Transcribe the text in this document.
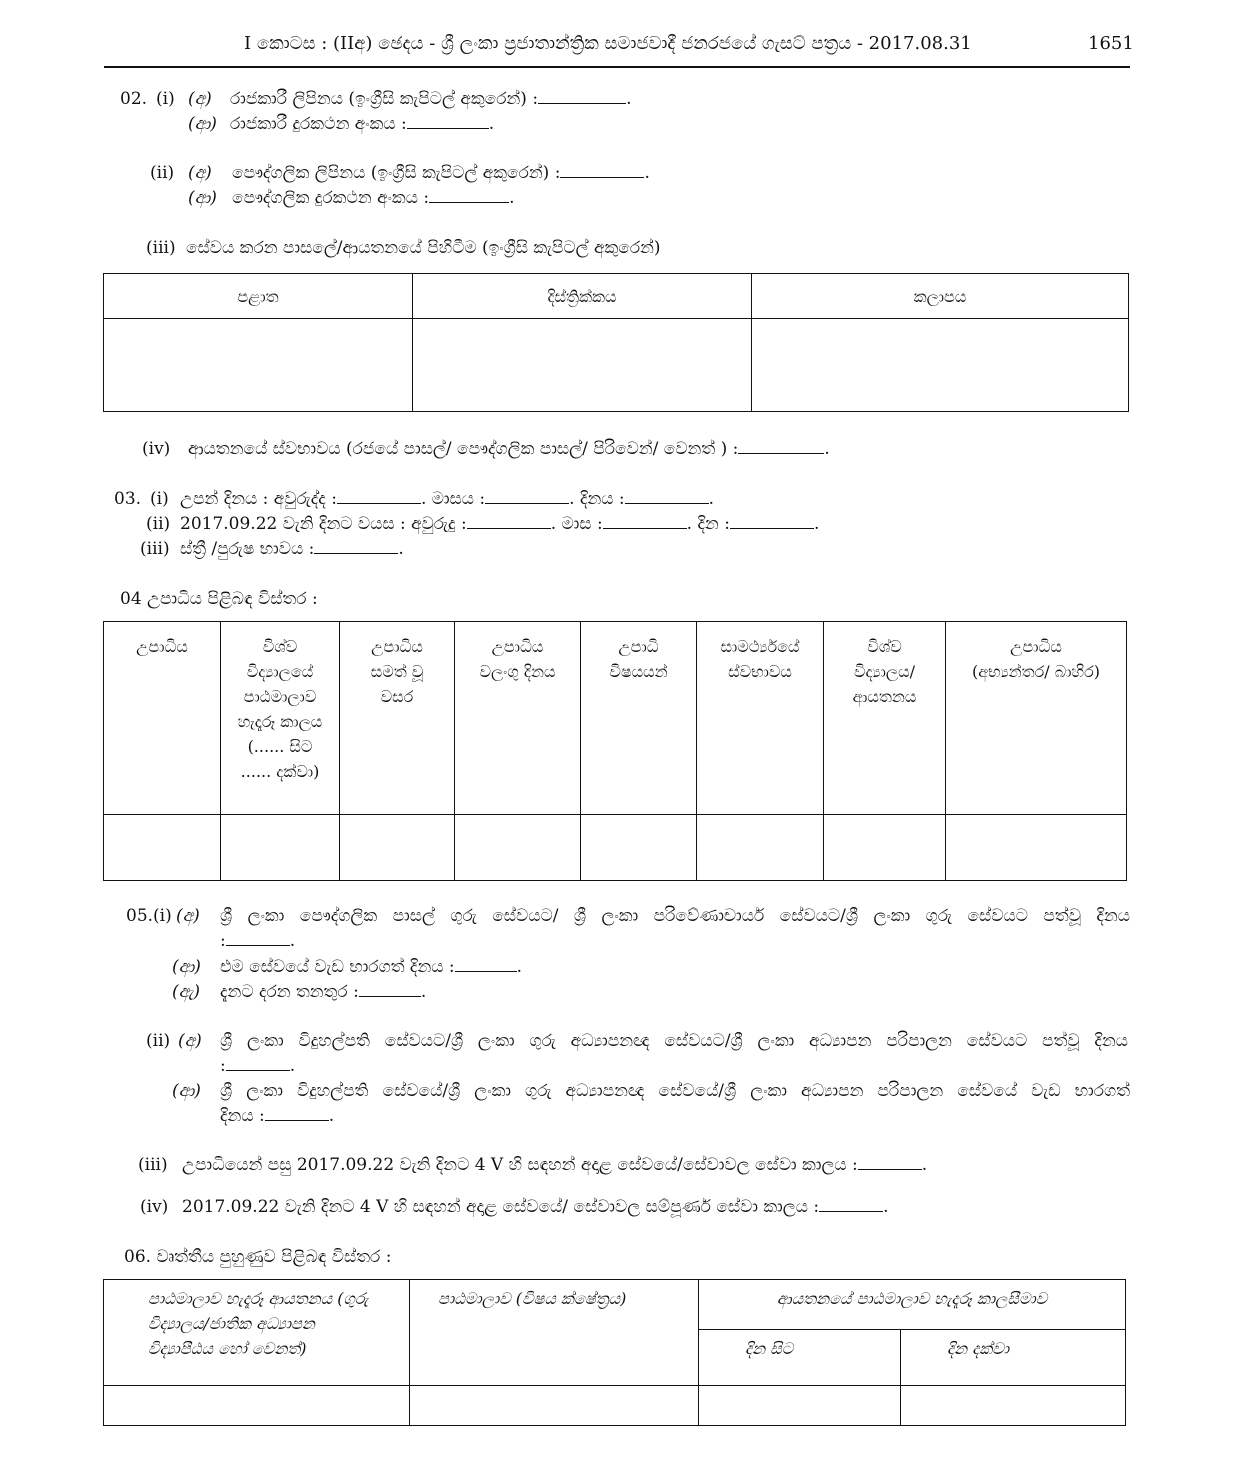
I කොටස : (IIඅ) ඡෙදය - ශ්‍රී ලංකා ප්‍රජාතාන්ත්‍රික සමාජවාදී ජනරජයේ ගැසට් පත්‍රය - 2017.08.31	1651
02. (i) (අ) රාජකාරී ලිපිනය (ඉංග්‍රීසි කැපිටල් අකුරෙන්) :	.
(ආ) රාජකාරී දුරකථන අංකය :	.
(ii) (අ) පෞද්ගලික ලිපිනය (ඉංග්‍රීසි කැපිටල් අකුරෙන්) :	.
(ආ) පෞද්ගලික දුරකථන අංකය :	.
(iii) සේවය කරන පාසලේ/ආයතනයේ පිහිටීම (ඉංග්‍රීසි කැපිටල් අකුරෙන්)
පළාත	දිස්ත්‍රික්කය	කලාපය

(iv) ආයතනයේ ස්වභාවය (රජයේ පාසල්/ පෞද්ගලික පාසල්/ පිරිවෙන්/ වෙනත් ) :	.
03. (i) උපන් දිනය : අවුරුද්ද :	. මාසය :	. දිනය :	.
(ii) 2017.09.22 වැනි දිනට වයස : අවුරුදු :	. මාස :	. දින :	.
(iii) ස්ත්‍රී /පුරුෂ භාවය :	.
04 උපාධිය පිළිබඳ විස්තර :
උපාධිය	විශ්ව විද්‍යාලයේ පාඨමාලාව හැදෑරූ කාලය (...... සිට ...... දක්වා)	උපාධිය සමත් වූ වසර	උපාධිය වලංගු දිනය	උපාධි විෂයයන්	සාමර්ථ්‍යයේ ස්වභාවය	විශ්ව විද්‍යාලය/ ආයතනය	උපාධිය (අභ්‍යන්තර/ බාහිර)

05.(i) (අ) ශ්‍රී ලංකා පෞද්ගලික පාසල් ගුරු සේවයට/ ශ්‍රී ලංකා පරිවේණාචාර්ය සේවයට/ශ්‍රී ලංකා ගුරු සේවයට පත්වූ දිනය
:	.
(ආ) එම සේවයේ වැඩ භාරගත් දිනය :	.
(ඇ) දැනට දරන තනතුර :	.
(ii) (අ) ශ්‍රී ලංකා විදුහල්පති සේවයට/ශ්‍රී ලංකා ගුරු අධ්‍යාපනඥ සේවයට/ශ්‍රී ලංකා අධ්‍යාපන පරිපාලන සේවයට පත්වූ දිනය
:	.
(ආ) ශ්‍රී ලංකා විදුහල්පති සේවයේ/ශ්‍රී ලංකා ගුරු අධ්‍යාපනඥ සේවයේ/ශ්‍රී ලංකා අධ්‍යාපන පරිපාලන සේවයේ වැඩ භාරගත්
දිනය :	.
(iii) උපාධියෙන් පසු 2017.09.22 වැනි දිනට 4 V හි සඳහන් අදාළ සේවයේ/සේවාවල සේවා කාලය :	.
(iv) 2017.09.22 වැනි දිනට 4 V හි සඳහන් අදාළ සේවයේ/ සේවාවල සම්පූර්ණ සේවා කාලය :	.
06. වෘත්තීය පුහුණුව පිළිබඳ විස්තර :
පාඨමාලාව හැදෑරූ ආයතනය (ගුරු විද්‍යාලය/ජාතික අධ්‍යාපන විද්‍යාපීඨය හෝ වෙනත්)	පාඨමාලාව (විෂය ක්ෂේත්‍රය)	ආයතනයේ පාඨමාලාව හැදෑරූ කාලසීමාව	
		දින සිට	දින දක්වා
